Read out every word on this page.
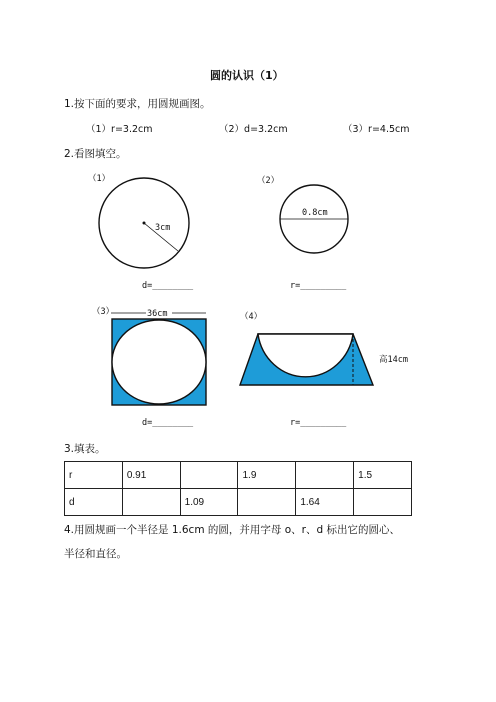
圆的认识（1）
1.按下面的要求，用圆规画图。
（1）r=3.2cm	（2）d=3.2cm	（3）r=4.5cm
2.看图填空。
（1）
3cm
d=________
（2）
0.8cm
r=_________
（3）	36cm
d=________
（4）
高14cm
r=_________
3.填表。
r	0.91		1.9		1.5
d		1.09		1.64	
4.用圆规画一个半径是 1.6cm 的圆，并用字母 o、r、d 标出它的圆心、
半径和直径。
